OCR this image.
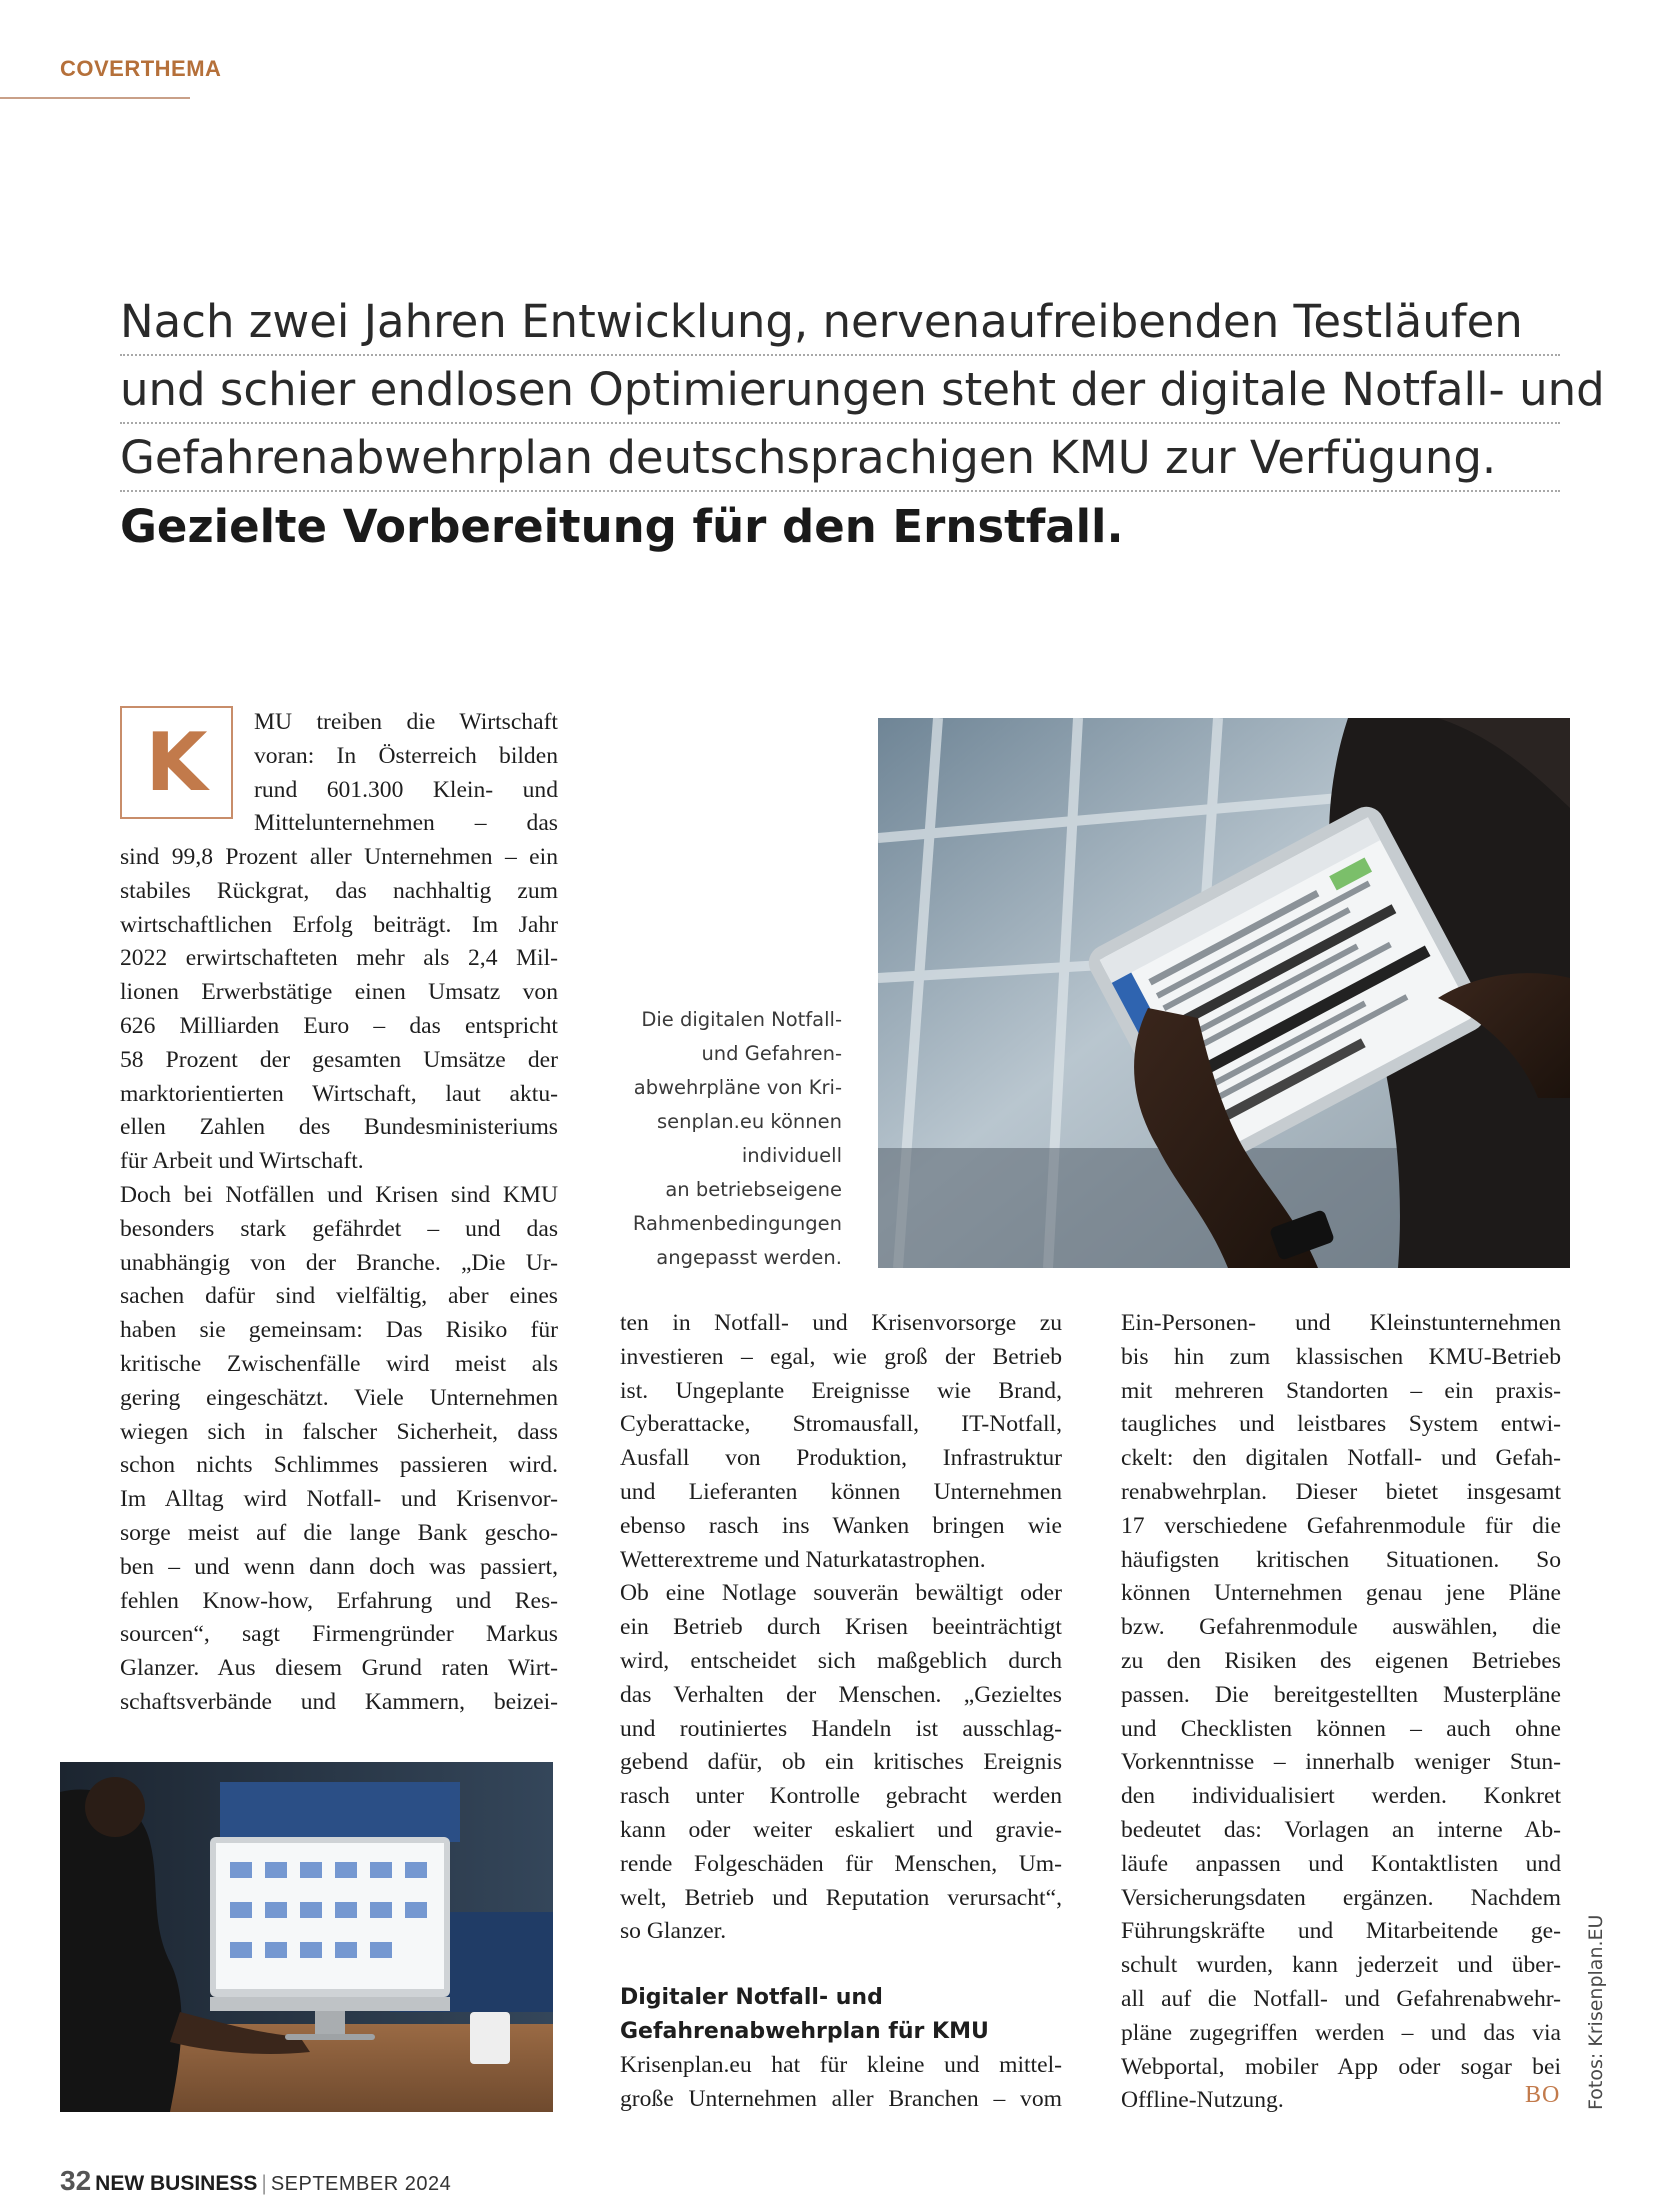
COVERTHEMA
Nach zwei Jahren Entwicklung, nervenaufreibenden Testläufen
und schier endlosen Optimierungen steht der digitale Notfall- und
Gefahrenabwehrplan deutschsprachigen KMU zur Verfügung.
Gezielte Vorbereitung für den Ernstfall.
K MU treiben die Wirtschaft

voran: In Österreich bilden

rund 601.300 Klein- und

Mittelunternehmen – das

sind 99,8 Prozent aller Unternehmen – ein

stabiles Rückgrat, das nachhaltig zum

wirtschaftlichen Erfolg beiträgt. Im Jahr

2022 erwirtschafteten mehr als 2,4 Mil-

lionen Erwerbstätige einen Umsatz von

626 Milliarden Euro – das entspricht

58 Prozent der gesamten Umsätze der

marktorientierten Wirtschaft, laut aktu-

ellen Zahlen des Bundesministeriums

für Arbeit und Wirtschaft.

Doch bei Notfällen und Krisen sind KMU

besonders stark gefährdet – und das

unabhängig von der Branche. „Die Ur-

sachen dafür sind vielfältig, aber eines

haben sie gemeinsam: Das Risiko für

kritische Zwischenfälle wird meist als

gering eingeschätzt. Viele Unternehmen

wiegen sich in falscher Sicherheit, dass

schon nichts Schlimmes passieren wird.

Im Alltag wird Notfall- und Krisenvor-

sorge meist auf die lange Bank gescho-

ben – und wenn dann doch was passiert,

fehlen Know-how, Erfahrung und Res-

sourcen“, sagt Firmengründer Markus

Glanzer. Aus diesem Grund raten Wirt-

schaftsverbände und Kammern, beizei-

Die digitalen Notfall-
und Gefahren-
abwehrpläne von Kri-
senplan.eu können
individuell
an betriebseigene
Rahmenbedingungen
angepasst werden.

ten in Notfall- und Krisenvorsorge zu

investieren – egal, wie groß der Betrieb

ist. Ungeplante Ereignisse wie Brand,

Cyberattacke, Stromausfall, IT-Notfall,

Ausfall von Produktion, Infrastruktur

und Lieferanten können Unternehmen

ebenso rasch ins Wanken bringen wie

Wetterextreme und Naturkatastrophen.

Ob eine Notlage souverän bewältigt oder

ein Betrieb durch Krisen beeinträchtigt

wird, entscheidet sich maßgeblich durch

das Verhalten der Menschen. „Gezieltes

und routiniertes Handeln ist ausschlag-

gebend dafür, ob ein kritisches Ereignis

rasch unter Kontrolle gebracht werden

kann oder weiter eskaliert und gravie-

rende Folgeschäden für Menschen, Um-

welt, Betrieb und Reputation verursacht“,

so Glanzer.

Digitaler Notfall- und
Gefahrenabwehrplan für KMU

Krisenplan.eu hat für kleine und mittel-

große Unternehmen aller Branchen – vom

Ein-Personen- und Kleinstunternehmen

bis hin zum klassischen KMU-Betrieb

mit mehreren Standorten – ein praxis-

taugliches und leistbares System entwi-

ckelt: den digitalen Notfall- und Gefah-

renabwehrplan. Dieser bietet insgesamt

17 verschiedene Gefahrenmodule für die

häufigsten kritischen Situationen. So

können Unternehmen genau jene Pläne

bzw. Gefahrenmodule auswählen, die

zu den Risiken des eigenen Betriebes

passen. Die bereitgestellten Musterpläne

und Checklisten können – auch ohne

Vorkenntnisse – innerhalb weniger Stun-

den individualisiert werden. Konkret

bedeutet das: Vorlagen an interne Ab-

läufe anpassen und Kontaktlisten und

Versicherungsdaten ergänzen. Nachdem

Führungskräfte und Mitarbeitende ge-

schult wurden, kann jederzeit und über-

all auf die Notfall- und Gefahrenabwehr-

pläne zugegriffen werden – und das via

Webportal, mobiler App oder sogar bei

Offline-Nutzung.	BO Fotos: Krisenplan.EU
32 NEW BUSINESS | SEPTEMBER 2024
